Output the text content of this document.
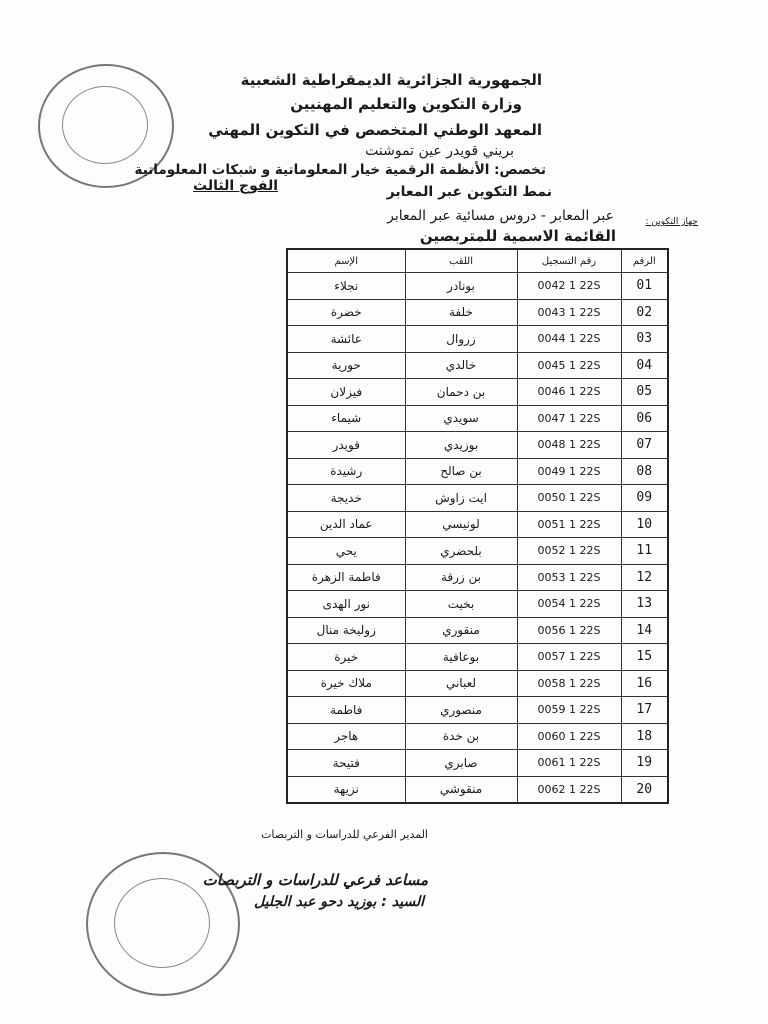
الجمهورية الجزائرية الديمقراطية الشعبية
وزارة التكوين والتعليم المهنيين
المعهد الوطني المتخصص في التكوين المهني
بريني قويدر عين تموشنت
تخصص: الأنظمة الرقمية خيار المعلوماتية و شبكات المعلوماتية
الفوج الثالث	نمط التكوين عبر المعابر
جهاز التكوين :
عبر المعابر - دروس مسائية عبر المعابر
القائمة الاسمية للمتربصين
الرقم	رقم التسجيل	اللقب	الإسم
01	0042 1 22S	بونادر	نجلاء
02	0043 1 22S	خلفة	خضرة
03	0044 1 22S	زروال	عائشة
04	0045 1 22S	خالدي	حورية
05	0046 1 22S	بن دحمان	فيزلان
06	0047 1 22S	سويدي	شيماء
07	0048 1 22S	بوزيدي	قويدر
08	0049 1 22S	بن صالح	رشيدة
09	0050 1 22S	ايت زاوش	خديجة
10	0051 1 22S	لونيسي	عماد الدين
11	0052 1 22S	بلحضري	يحي
12	0053 1 22S	بن زرقة	فاطمة الزهرة
13	0054 1 22S	بخيت	نور الهدى
14	0056 1 22S	منقوري	زوليخة منال
15	0057 1 22S	بوعافية	خيرة
16	0058 1 22S	لعباني	ملاك خيرة
17	0059 1 22S	منصوري	فاطمة
18	0060 1 22S	بن خدة	هاجر
19	0061 1 22S	صابري	فتيحة
20	0062 1 22S	منقوشي	نزيهة
المدير الفرعي للدراسات و التربصات
مساعد فرعي للدراسات و التربصات
السيد : بوزيد دحو عبد الجليل
